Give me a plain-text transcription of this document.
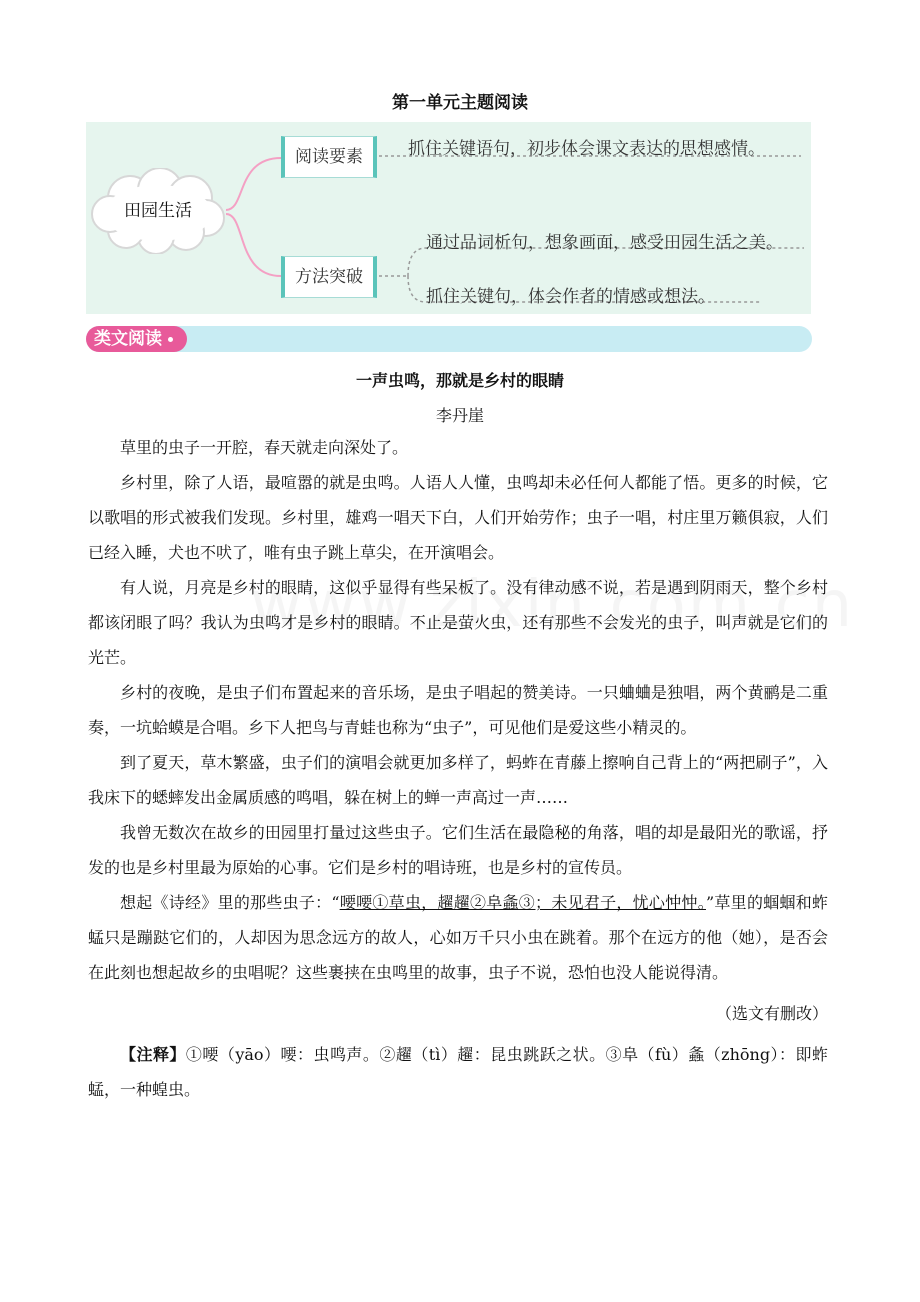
第一单元主题阅读
田园生活
阅读要素
方法突破
抓住关键语句，初步体会课文表达的思想感情。
通过品词析句，想象画面，感受田园生活之美。
抓住关键句，体会作者的情感或想法。
类文阅读
一声虫鸣，那就是乡村的眼睛
李丹崖

草里的虫子一开腔，春天就走向深处了。

乡村里，除了人语，最喧嚣的就是虫鸣。人语人人懂，虫鸣却未必任何人都能了悟。更多的时候，它以歌唱的形式被我们发现。乡村里，雄鸡一唱天下白，人们开始劳作；虫子一唱，村庄里万籁俱寂，人们已经入睡，犬也不吠了，唯有虫子跳上草尖，在开演唱会。

有人说，月亮是乡村的眼睛，这似乎显得有些呆板了。没有律动感不说，若是遇到阴雨天，整个乡村都该闭眼了吗？我认为虫鸣才是乡村的眼睛。不止是萤火虫，还有那些不会发光的虫子，叫声就是它们的光芒。

乡村的夜晚，是虫子们布置起来的音乐场，是虫子唱起的赞美诗。一只蛐蛐是独唱，两个黄鹂是二重奏，一坑蛤蟆是合唱。乡下人把鸟与青蛙也称为“虫子”，可见他们是爱这些小精灵的。

到了夏天，草木繁盛，虫子们的演唱会就更加多样了，蚂蚱在青藤上擦响自己背上的“两把刷子”，入我床下的蟋蟀发出金属质感的鸣唱，躲在树上的蝉一声高过一声……

我曾无数次在故乡的田园里打量过这些虫子。它们生活在最隐秘的角落，唱的却是最阳光的歌谣，抒发的也是乡村里最为原始的心事。它们是乡村的唱诗班，也是乡村的宣传员。

想起《诗经》里的那些虫子：“喓喓①草虫，趯趯②阜螽③；未见君子，忧心忡忡。”草里的蝈蝈和蚱蜢只是蹦跶它们的，人却因为思念远方的故人，心如万千只小虫在跳着。那个在远方的他（她），是否会在此刻也想起故乡的虫唱呢？这些裹挟在虫鸣里的故事，虫子不说，恐怕也没人能说得清。

（选文有删改）

【注释】①喓（yāo）喓：虫鸣声。②趯（tì）趯：昆虫跳跃之状。③阜（fù）螽（zhōng）：即蚱蜢，一种蝗虫。
